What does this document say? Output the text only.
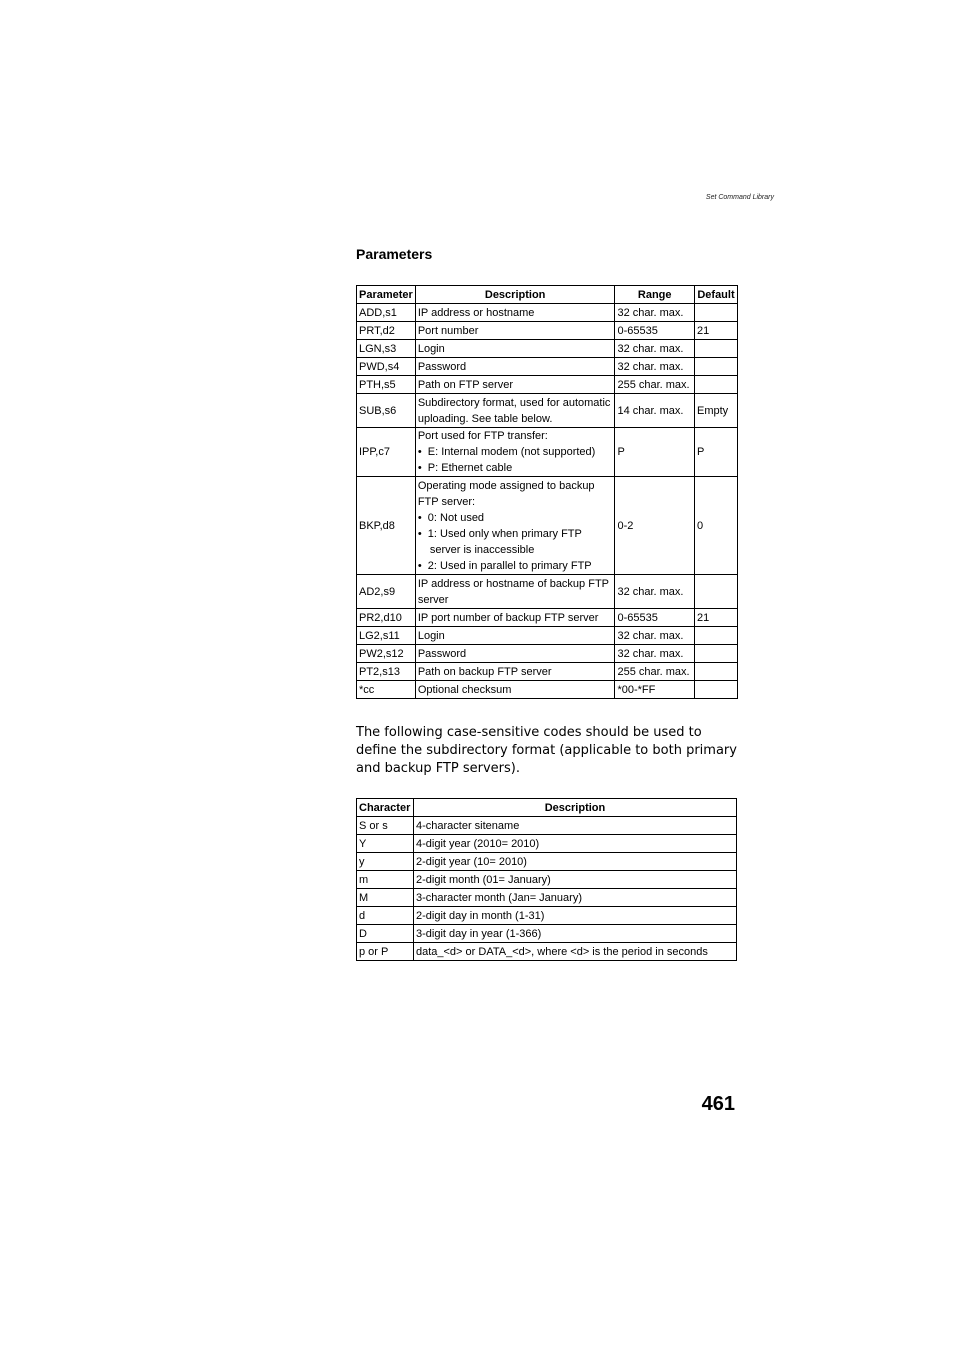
Set Command Library
Parameters
Parameter	Description	Range	Default
ADD,s1	IP address or hostname	32 char. max.	
PRT,d2	Port number	0-65535	21
LGN,s3	Login	32 char. max.	
PWD,s4	Password	32 char. max.	
PTH,s5	Path on FTP server	255 char. max.	
SUB,s6	Subdirectory format, used for automatic uploading. See table below.	14 char. max.	Empty
IPP,c7	Port used for FTP transfer:
•  E: Internal modem (not supported)
•  P: Ethernet cable	P	P
BKP,d8	Operating mode assigned to backup FTP server:
•  0: Not used
•  1: Used only when primary FTP server is inaccessible
•  2: Used in parallel to primary FTP	0-2	0
AD2,s9	IP address or hostname of backup FTP server	32 char. max.	
PR2,d10	IP port number of backup FTP server	0-65535	21
LG2,s11	Login	32 char. max.	
PW2,s12	Password	32 char. max.	
PT2,s13	Path on backup FTP server	255 char. max.	
*cc	Optional checksum	*00-*FF	
The following case-sensitive codes should be used to define the subdirectory format (applicable to both primary and backup FTP servers).
Character	Description
S or s	4-character sitename
Y	4-digit year (2010= 2010)
y	2-digit year (10= 2010)
m	2-digit month (01= January)
M	3-character month (Jan= January)
d	2-digit day in month (1-31)
D	3-digit day in year (1-366)
p or P	data_<d> or DATA_<d>, where <d> is the period in seconds
461
